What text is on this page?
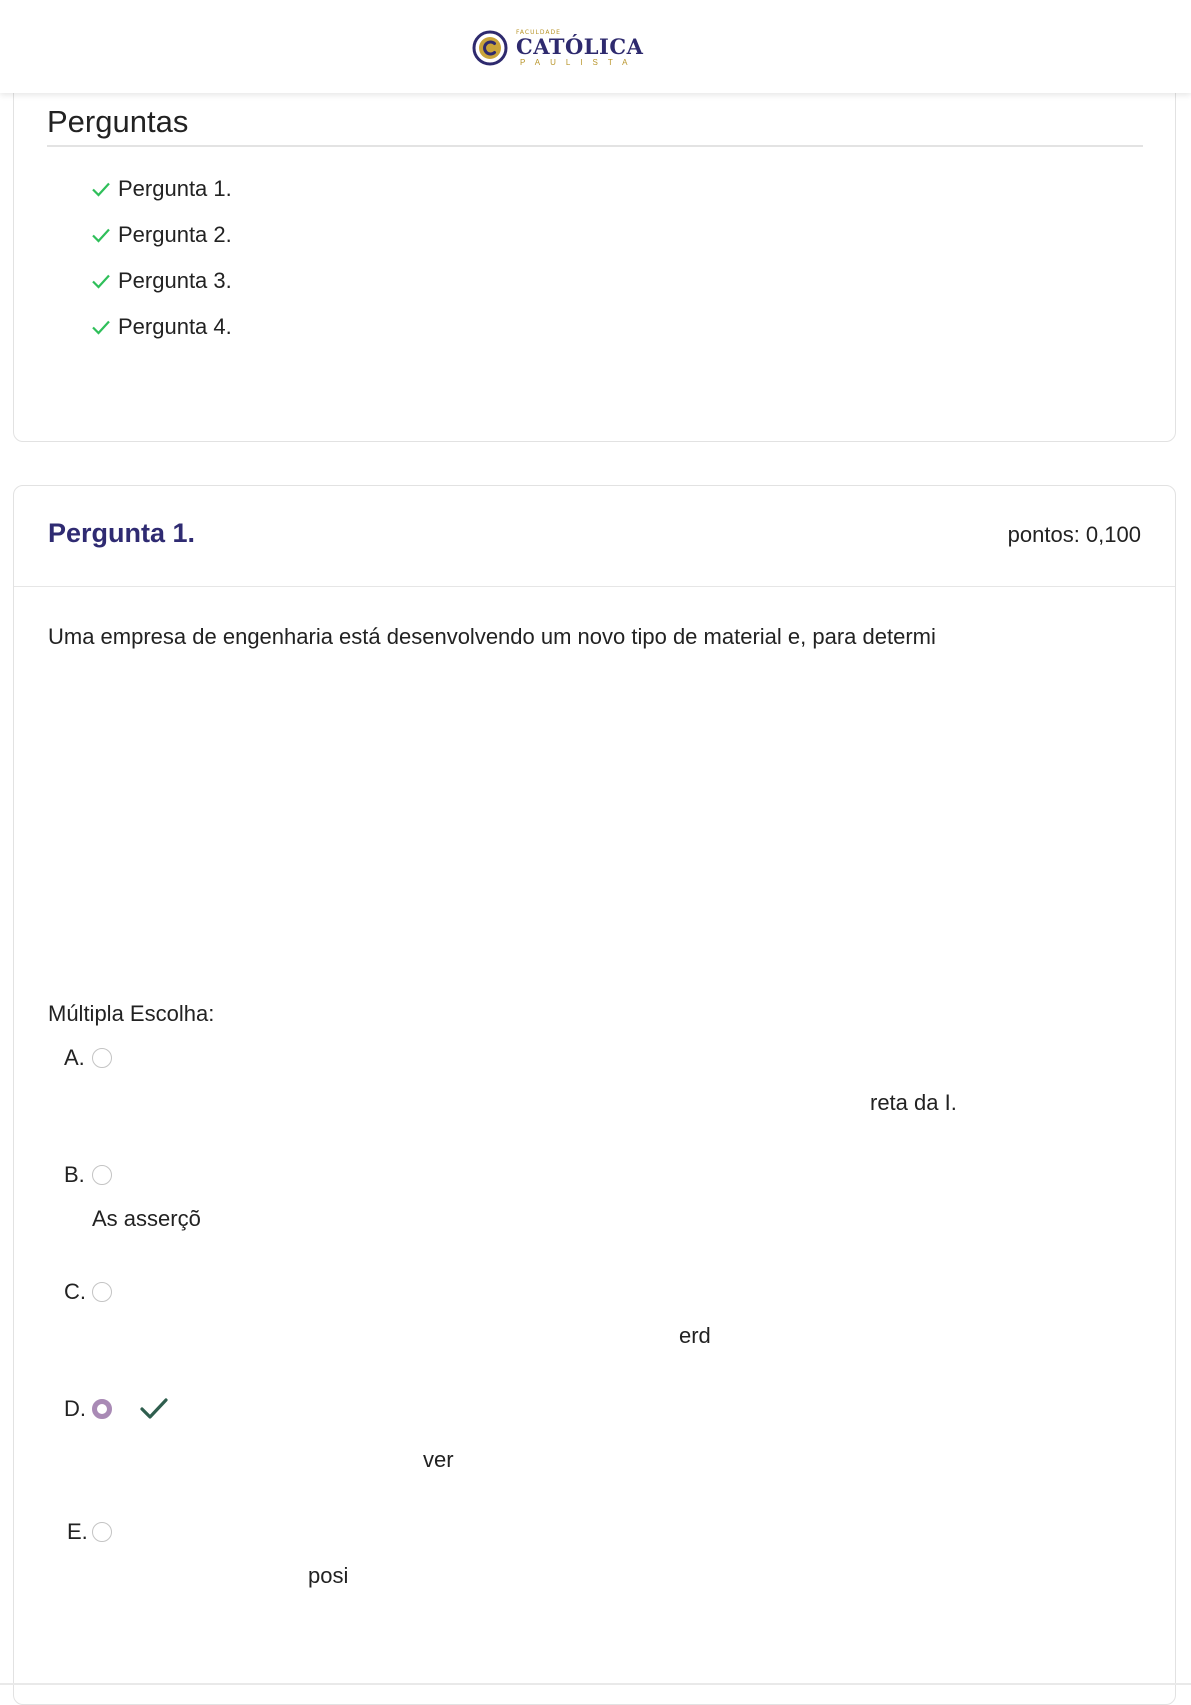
FACULDADE
CATÓLICA
PAULISTA
Perguntas
Pergunta 1.
Pergunta 2.
Pergunta 3.
Pergunta 4.
Pergunta 1.	pontos: 0,100
Uma empresa de engenharia está desenvolvendo um novo tipo de material e, para determi
Múltipla Escolha:
A.
reta da I.
B.
As asserçõ
C.
erd
D.
ver
E.
posi
